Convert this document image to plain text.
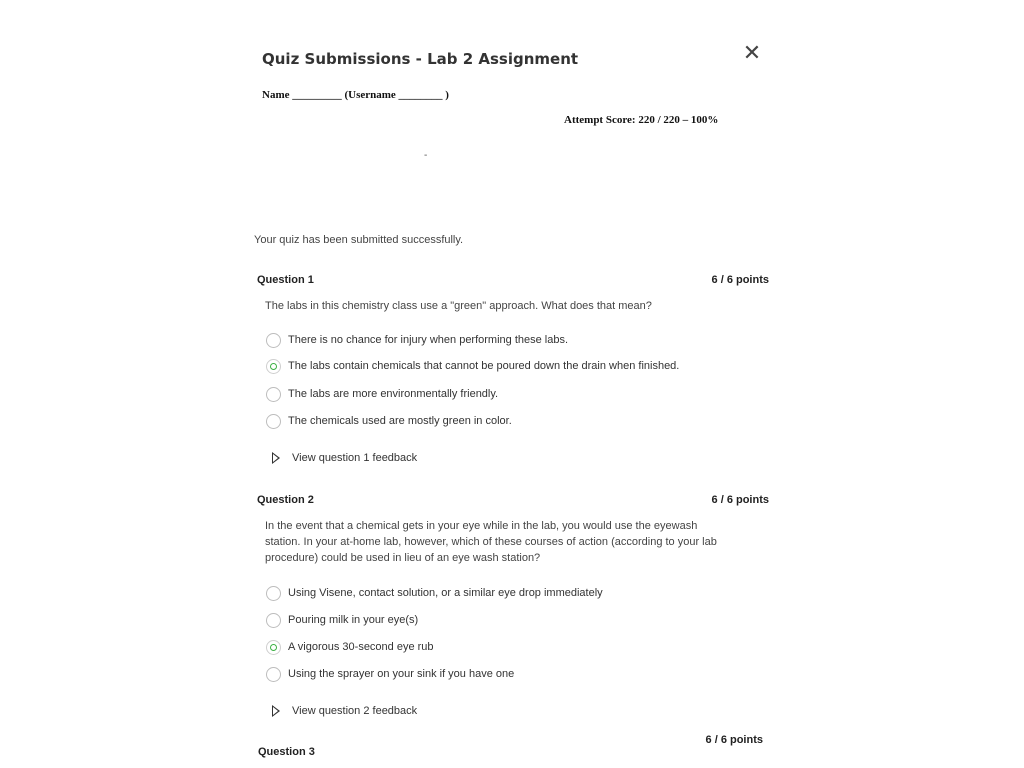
Quiz Submissions - Lab 2 Assignment	✕
Name _________ (Username ________ )
Attempt Score: 220 / 220 – 100%
-
Your quiz has been submitted successfully.
Question 1	6 / 6 points
The labs in this chemistry class use a "green" approach. What does that mean?
There is no chance for injury when performing these labs.
The labs contain chemicals that cannot be poured down the drain when finished.
The labs are more environmentally friendly.
The chemicals used are mostly green in color.
View question 1 feedback
Question 2	6 / 6 points
In the event that a chemical gets in your eye while in the lab, you would use the eyewash
station. In your at-home lab, however, which of these courses of action (according to your lab
procedure) could be used in lieu of an eye wash station?
Using Visene, contact solution, or a similar eye drop immediately
Pouring milk in your eye(s)
A vigorous 30-second eye rub
Using the sprayer on your sink if you have one
View question 2 feedback
6 / 6 points
Question 3
